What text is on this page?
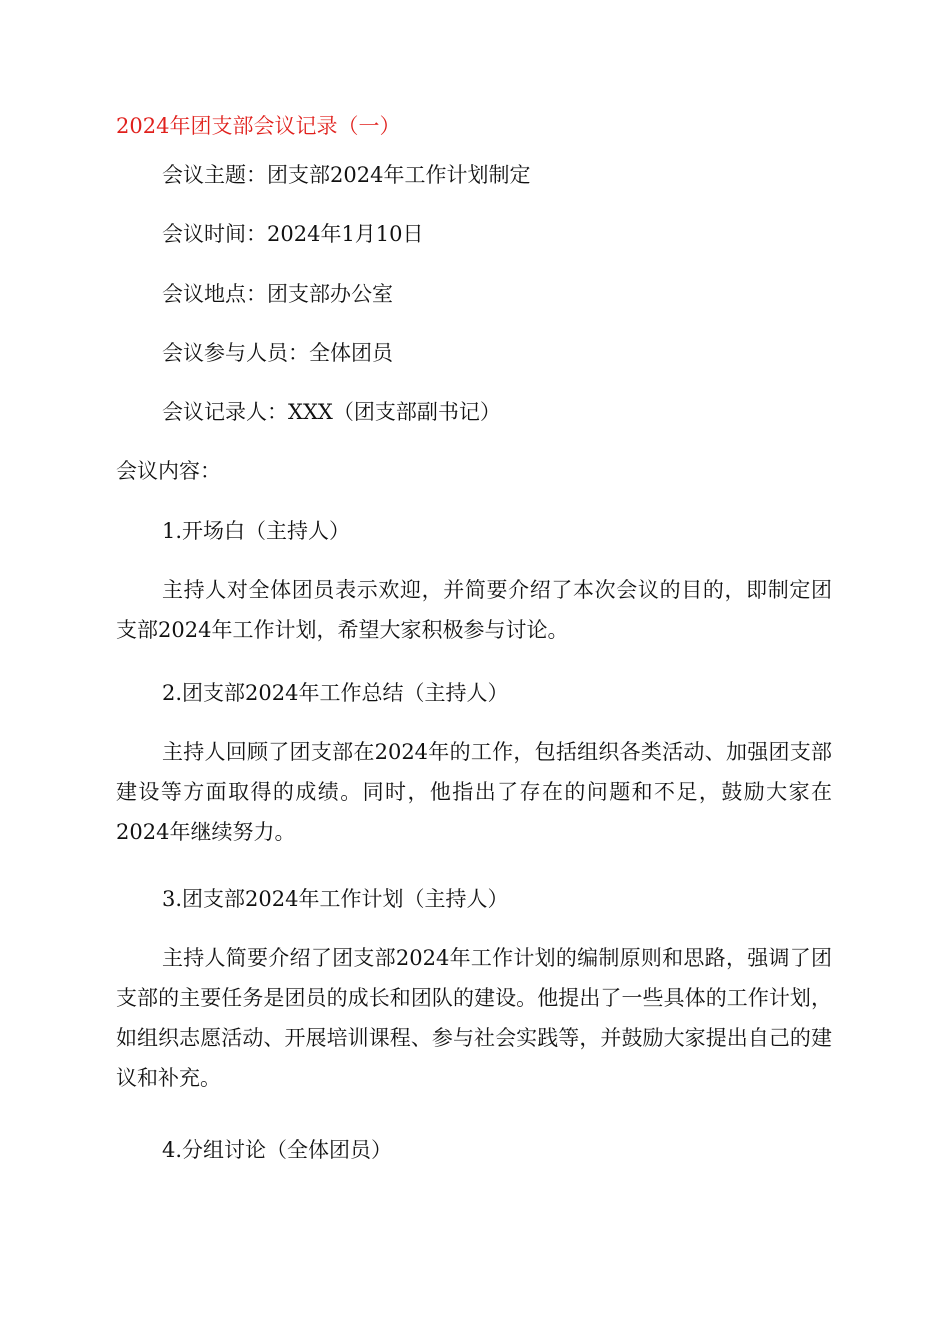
2024年团支部会议记录（一）
会议主题：团支部2024年工作计划制定
会议时间：2024年1月10日
会议地点：团支部办公室
会议参与人员：全体团员
会议记录人：XXX（团支部副书记）
会议内容：
1.开场白（主持人）
主持人对全体团员表示欢迎，并简要介绍了本次会议的目的，即制定团支部2024年工作计划，希望大家积极参与讨论。
2.团支部2024年工作总结（主持人）
主持人回顾了团支部在2024年的工作，包括组织各类活动、加强团支部建设等方面取得的成绩。同时，他指出了存在的问题和不足，鼓励大家在2024年继续努力。
3.团支部2024年工作计划（主持人）
主持人简要介绍了团支部2024年工作计划的编制原则和思路，强调了团支部的主要任务是团员的成长和团队的建设。他提出了一些具体的工作计划，如组织志愿活动、开展培训课程、参与社会实践等，并鼓励大家提出自己的建议和补充。
4.分组讨论（全体团员）
